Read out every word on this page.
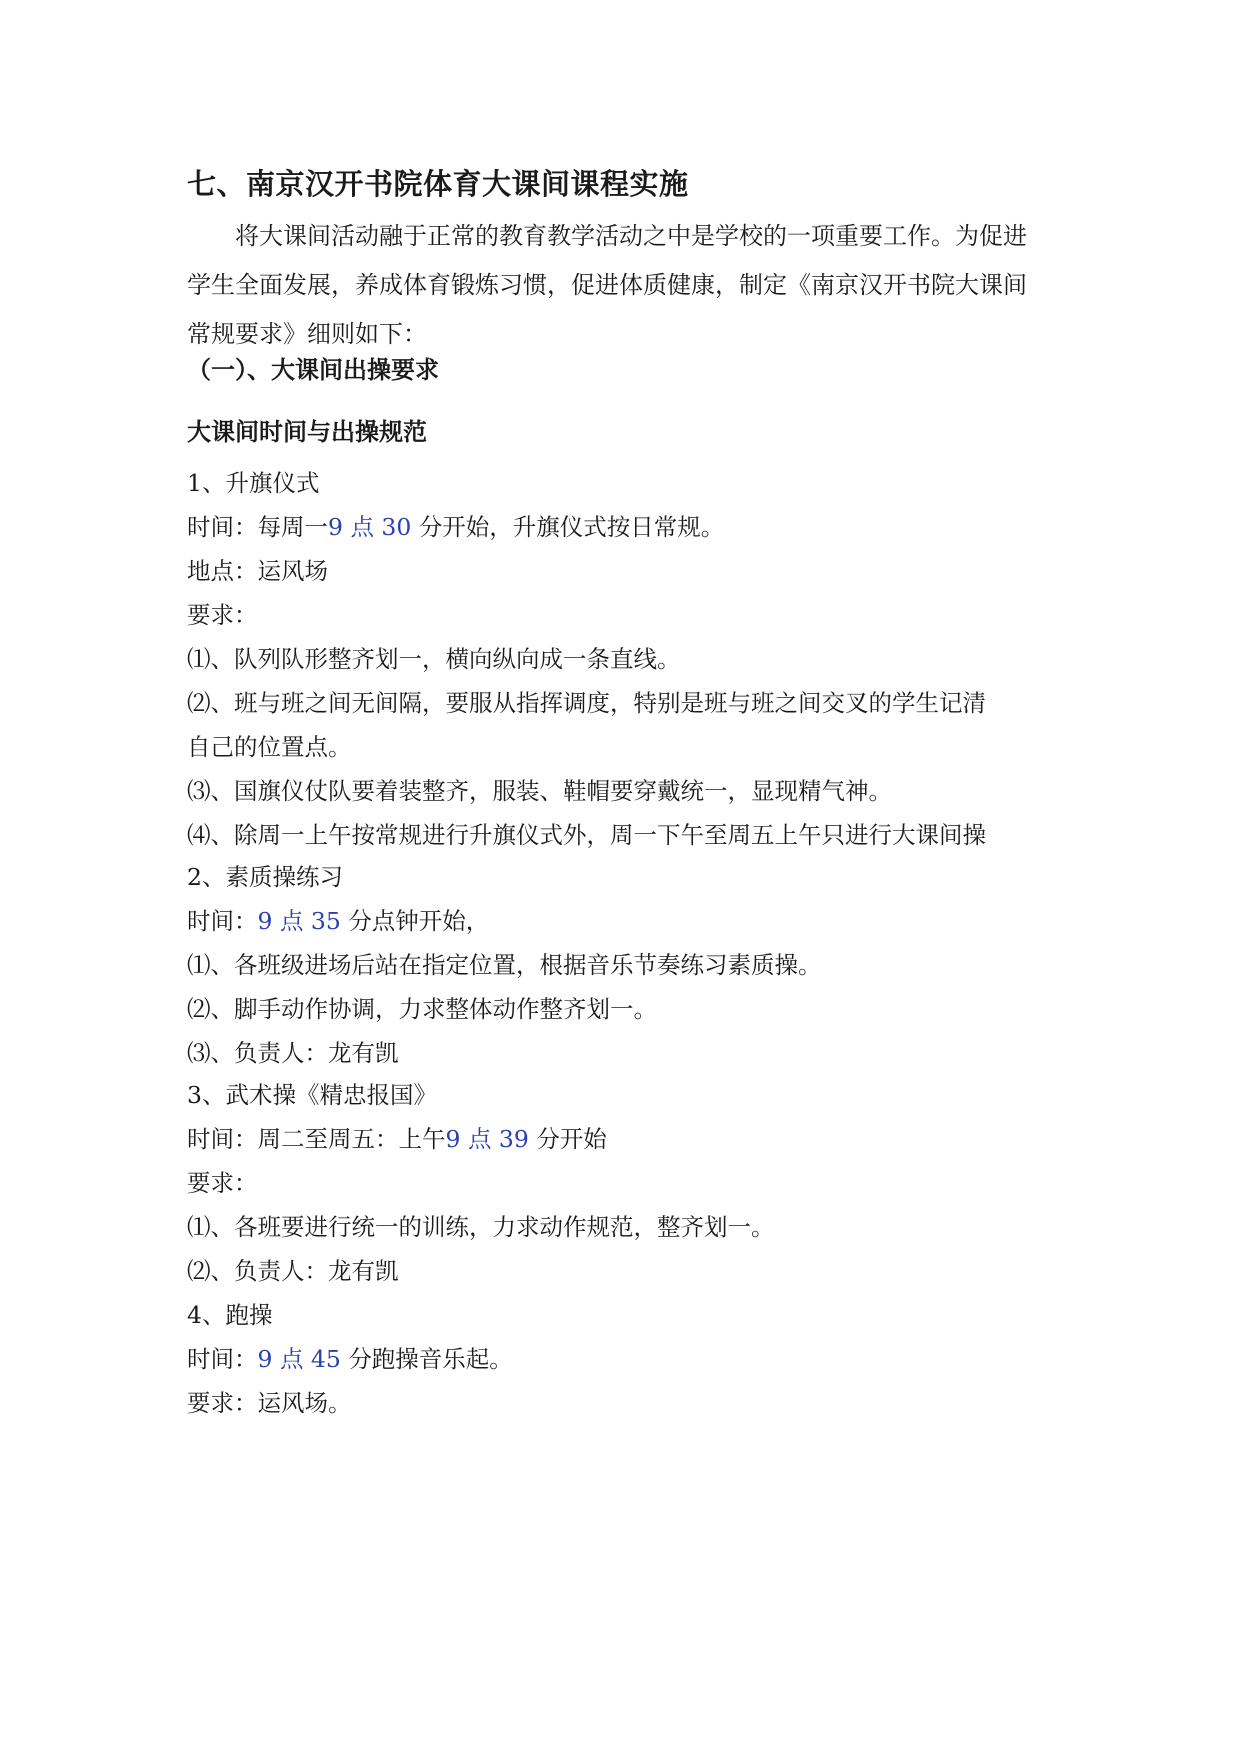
七、南京汉开书院体育大课间课程实施
将大课间活动融于正常的教育教学活动之中是学校的一项重要工作。为促进
学生全面发展，养成体育锻炼习惯，促进体质健康，制定《南京汉开书院大课间
常规要求》细则如下：
（一）、大课间出操要求
大课间时间与出操规范
1、升旗仪式
时间：每周一9 点 30 分开始，升旗仪式按日常规。
地点：运风场
要求：
⑴、队列队形整齐划一，横向纵向成一条直线。
⑵、班与班之间无间隔，要服从指挥调度，特别是班与班之间交叉的学生记清
自己的位置点。
⑶、国旗仪仗队要着装整齐，服装、鞋帽要穿戴统一，显现精气神。
⑷、除周一上午按常规进行升旗仪式外，周一下午至周五上午只进行大课间操
2、素质操练习
时间：9 点 35 分点钟开始，
⑴、各班级进场后站在指定位置，根据音乐节奏练习素质操。
⑵、脚手动作协调，力求整体动作整齐划一。
⑶、负责人：龙有凯
3、武术操《精忠报国》
时间：周二至周五：上午9 点 39 分开始
要求：
⑴、各班要进行统一的训练，力求动作规范，整齐划一。
⑵、负责人：龙有凯
4、跑操
时间：9 点 45 分跑操音乐起。
要求：运风场。
